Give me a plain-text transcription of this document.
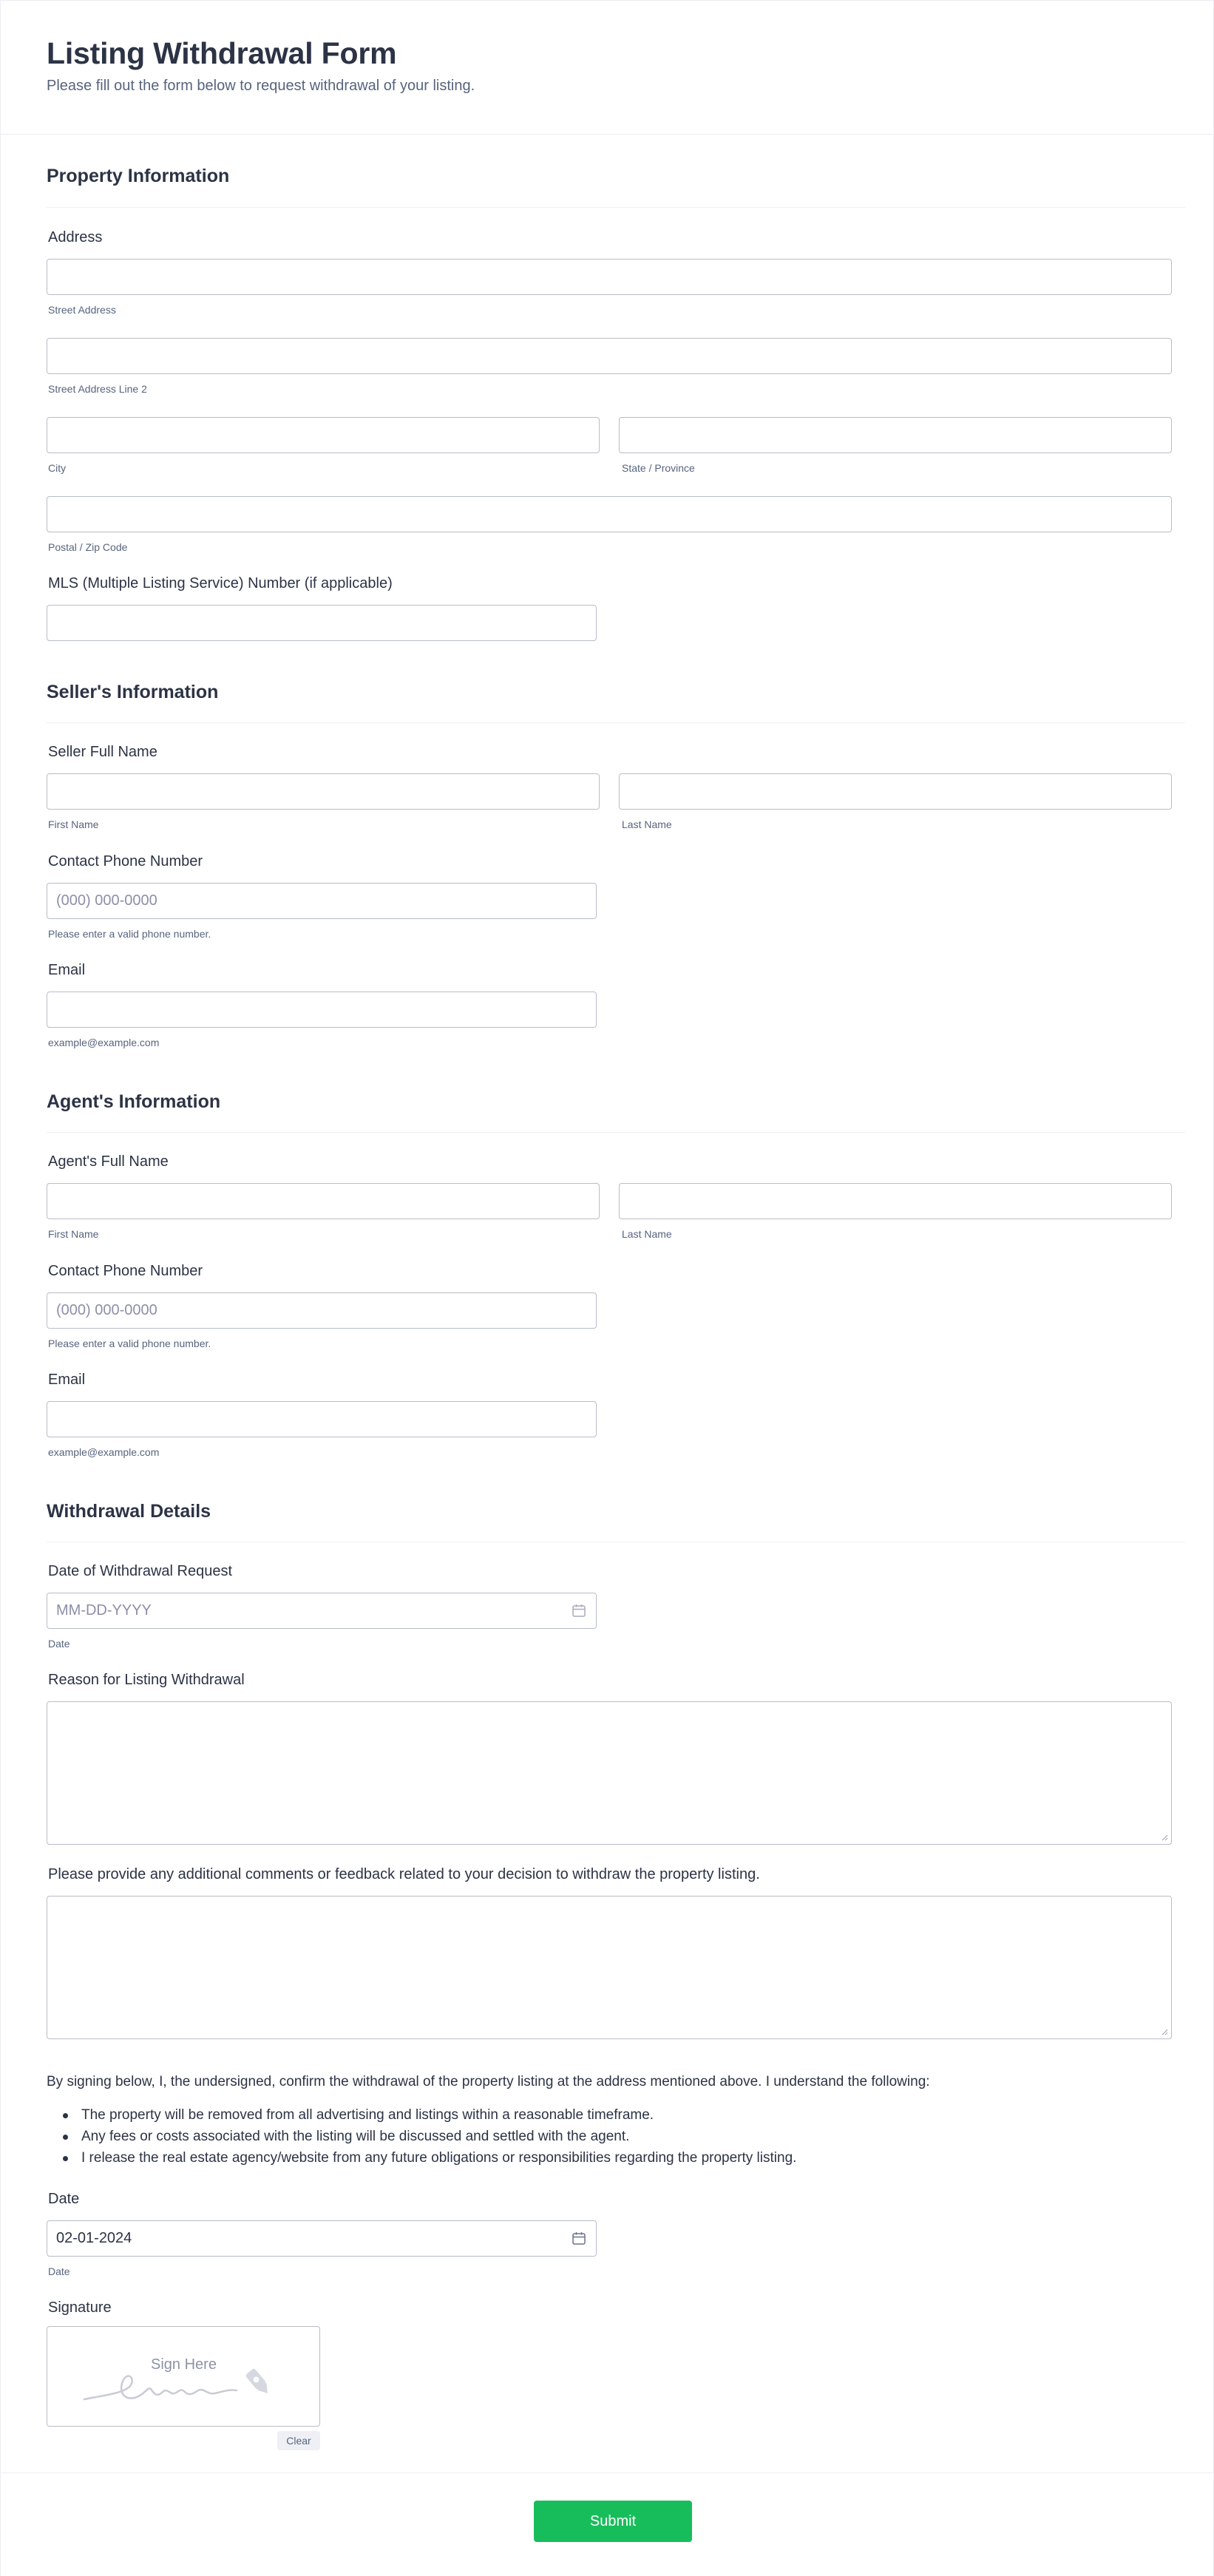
Listing Withdrawal Form

Please fill out the form below to request withdrawal of your listing.

Property Information
Address
Street Address
Street Address Line 2
City	State / Province
Postal / Zip Code
MLS (Multiple Listing Service) Number (if applicable)
Seller's Information
Seller Full Name
First Name	Last Name
Contact Phone Number
(000) 000-0000
Please enter a valid phone number.
Email
example@example.com
Agent's Information
Agent's Full Name
First Name	Last Name
Contact Phone Number
(000) 000-0000
Please enter a valid phone number.
Email
example@example.com
Withdrawal Details
Date of Withdrawal Request
MM-DD-YYYY
Date
Reason for Listing Withdrawal
Please provide any additional comments or feedback related to your decision to withdraw the property listing.

By signing below, I, the undersigned, confirm the withdrawal of the property listing at the address mentioned above. I understand the following:

The property will be removed from all advertising and listings within a reasonable timeframe.
Any fees or costs associated with the listing will be discussed and settled with the agent.
I release the real estate agency/website from any future obligations or responsibilities regarding the property listing.
Date
02-01-2024
Date
Signature
Sign Here
Clear
Submit
